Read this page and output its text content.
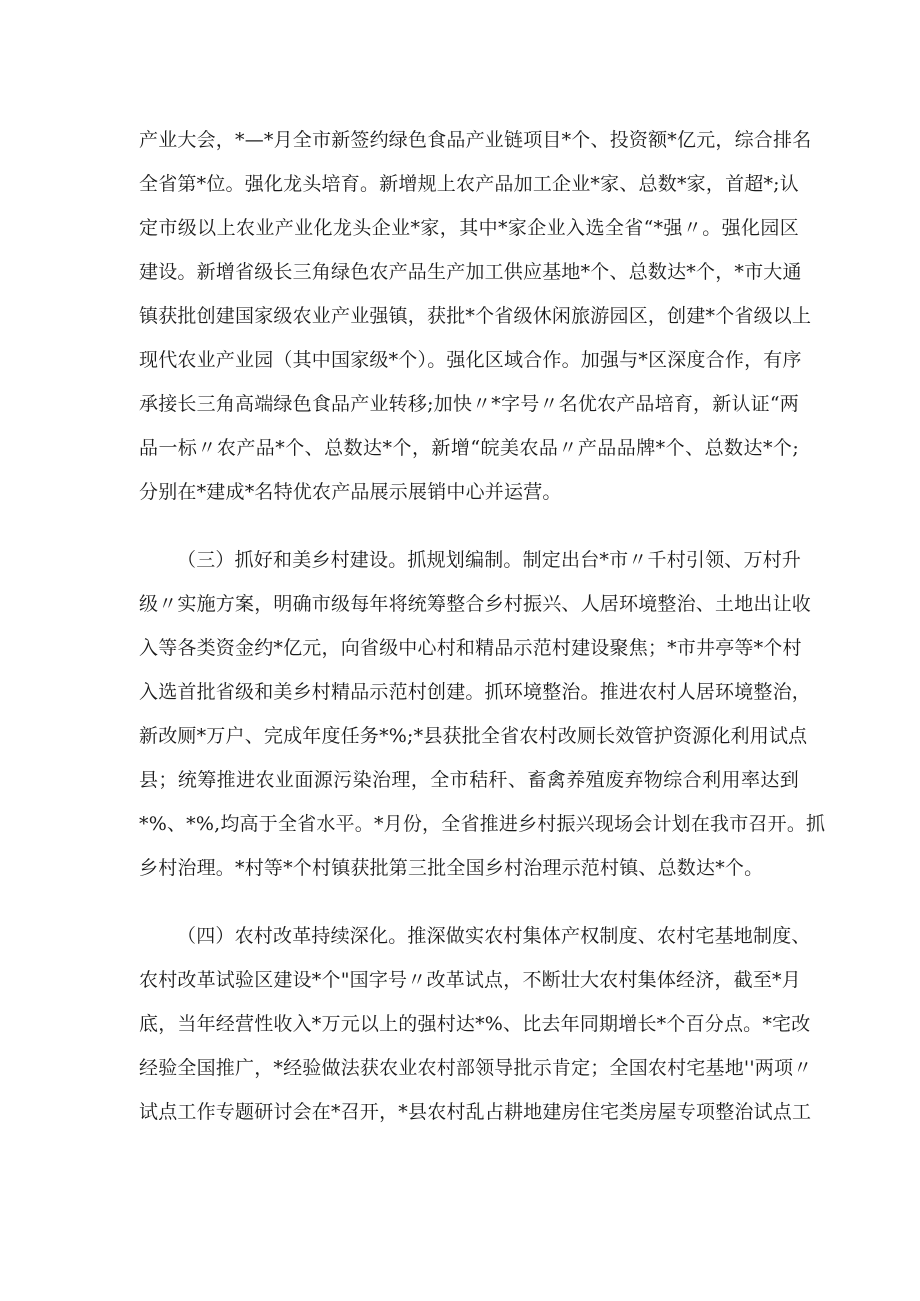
产业大会，*—*月全市新签约绿色食品产业链项目*个、投资额*亿元，综合排名
全省第*位。强化龙头培育。新增规上农产品加工企业*家、总数*家，首超*;认
定市级以上农业产业化龙头企业*家，其中*家企业入选全省“*强〃。强化园区
建设。新增省级长三角绿色农产品生产加工供应基地*个、总数达*个，*市大通
镇获批创建国家级农业产业强镇，获批*个省级休闲旅游园区，创建*个省级以上
现代农业产业园（其中国家级*个）。强化区域合作。加强与*区深度合作，有序
承接长三角高端绿色食品产业转移;加快〃*字号〃名优农产品培育，新认证“两
品一标〃农产品*个、总数达*个，新增“皖美农品〃产品品牌*个、总数达*个;
分别在*建成*名特优农产品展示展销中心并运营。
（三）抓好和美乡村建设。抓规划编制。制定出台*市〃千村引领、万村升
级〃实施方案，明确市级每年将统筹整合乡村振兴、人居环境整治、土地出让收
入等各类资金约*亿元，向省级中心村和精品示范村建设聚焦；*市井亭等*个村
入选首批省级和美乡村精品示范村创建。抓环境整治。推进农村人居环境整治，
新改厕*万户、完成年度任务*%;*县获批全省农村改厕长效管护资源化利用试点
县；统筹推进农业面源污染治理，全市秸秆、畜禽养殖废弃物综合利用率达到
*%、*%,均高于全省水平。*月份，全省推进乡村振兴现场会计划在我市召开。抓
乡村治理。*村等*个村镇获批第三批全国乡村治理示范村镇、总数达*个。
（四）农村改革持续深化。推深做实农村集体产权制度、农村宅基地制度、
农村改革试验区建设*个"国字号〃改革试点，不断壮大农村集体经济，截至*月
底，当年经营性收入*万元以上的强村达*%、比去年同期增长*个百分点。*宅改
经验全国推广，*经验做法获农业农村部领导批示肯定；全国农村宅基地''两项〃
试点工作专题研讨会在*召开，*县农村乱占耕地建房住宅类房屋专项整治试点工
